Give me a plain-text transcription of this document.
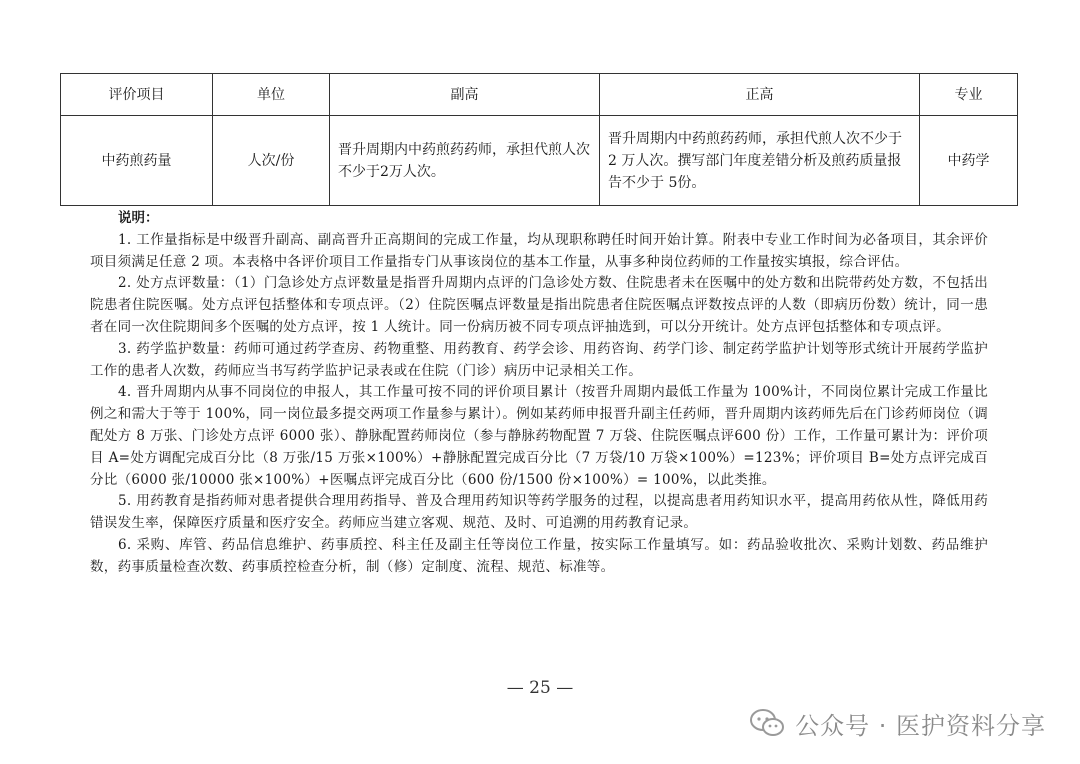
评价项目	单位	副高	正高	专业
中药煎药量	人次/份	晋升周期内中药煎药药师，承担代煎人次不少于2万人次。	晋升周期内中药煎药药师，承担代煎人次不少于 2 万人次。撰写部门年度差错分析及煎药质量报告不少于 5份。	中药学
说明：

1. 工作量指标是中级晋升副高、副高晋升正高期间的完成工作量，均从现职称聘任时间开始计算。附表中专业工作时间为必备项目，其余评价项目须满足任意 2 项。本表格中各评价项目工作量指专门从事该岗位的基本工作量，从事多种岗位药师的工作量按实填报，综合评估。

2. 处方点评数量：（1）门急诊处方点评数量是指晋升周期内点评的门急诊处方数、住院患者未在医嘱中的处方数和出院带药处方数，不包括出院患者住院医嘱。处方点评包括整体和专项点评。（2）住院医嘱点评数量是指出院患者住院医嘱点评数按点评的人数（即病历份数）统计，同一患者在同一次住院期间多个医嘱的处方点评，按 1 人统计。同一份病历被不同专项点评抽选到，可以分开统计。处方点评包括整体和专项点评。

3. 药学监护数量：药师可通过药学查房、药物重整、用药教育、药学会诊、用药咨询、药学门诊、制定药学监护计划等形式统计开展药学监护工作的患者人次数，药师应当书写药学监护记录表或在住院（门诊）病历中记录相关工作。

4. 晋升周期内从事不同岗位的申报人，其工作量可按不同的评价项目累计（按晋升周期内最低工作量为 100%计，不同岗位累计完成工作量比例之和需大于等于 100%，同一岗位最多提交两项工作量参与累计）。例如某药师申报晋升副主任药师，晋升周期内该药师先后在门诊药师岗位（调配处方 8 万张、门诊处方点评 6000 张）、静脉配置药师岗位（参与静脉药物配置 7 万袋、住院医嘱点评600 份）工作，工作量可累计为：评价项目 A=处方调配完成百分比（8 万张/15 万张×100%）+静脉配置完成百分比（7 万袋/10 万袋×100%）=123%；评价项目 B=处方点评完成百分比（6000 张/10000 张×100%）+医嘱点评完成百分比（600 份/1500 份×100%）= 100%，以此类推。

5. 用药教育是指药师对患者提供合理用药指导、普及合理用药知识等药学服务的过程，以提高患者用药知识水平，提高用药依从性，降低用药错误发生率，保障医疗质量和医疗安全。药师应当建立客观、规范、及时、可追溯的用药教育记录。

6. 采购、库管、药品信息维护、药事质控、科主任及副主任等岗位工作量，按实际工作量填写。如：药品验收批次、采购计划数、药品维护数，药事质量检查次数、药事质控检查分析，制（修）定制度、流程、规范、标准等。

— 25 —
公众号 · 医护资料分享
